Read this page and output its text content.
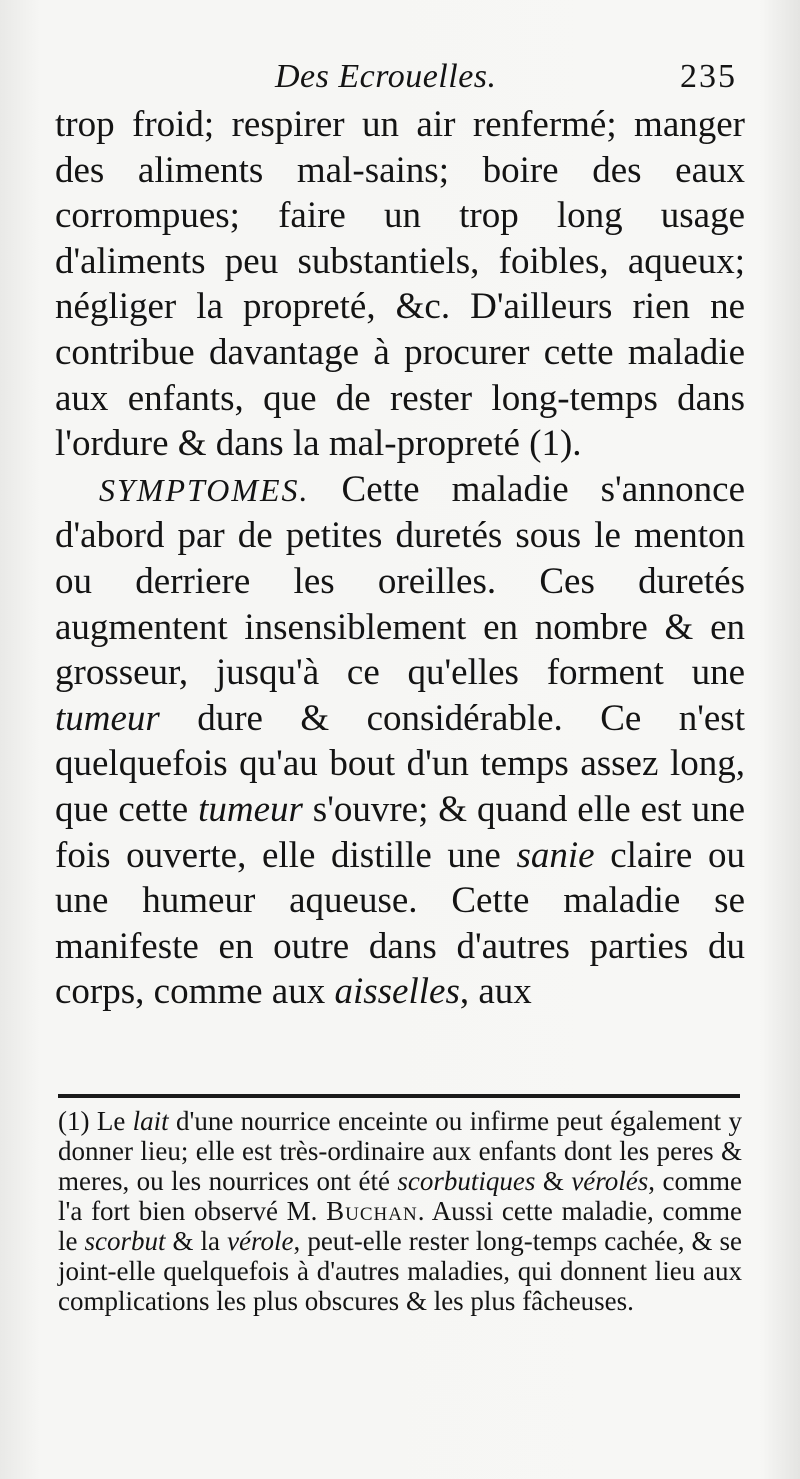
Des Ecrouelles.	235

trop froid; respirer un air renfermé; manger des aliments mal-sains; boire des eaux corrompues; faire un trop long usage d'aliments peu substantiels, foibles, aqueux; négliger la propreté, &c. D'ailleurs rien ne contribue davantage à procurer cette maladie aux enfants, que de rester long-temps dans l'ordure & dans la mal-propreté (1).

SYMPTOMES. Cette maladie s'annonce d'abord par de petites duretés sous le menton ou derriere les oreilles. Ces duretés augmentent insensiblement en nombre & en grosseur, jusqu'à ce qu'elles forment une tumeur dure & considérable. Ce n'est quelquefois qu'au bout d'un temps assez long, que cette tumeur s'ouvre; & quand elle est une fois ouverte, elle distille une sanie claire ou une humeur aqueuse. Cette maladie se manifeste en outre dans d'autres parties du corps, comme aux aisselles, aux

(1) Le lait d'une nourrice enceinte ou infirme peut également y donner lieu; elle est très-ordinaire aux enfants dont les peres & meres, ou les nourrices ont été scorbutiques & vérolés, comme l'a fort bien observé M. Buchan. Aussi cette maladie, comme le scorbut & la vérole, peut-elle rester long-temps cachée, & se joint-elle quelquefois à d'autres maladies, qui donnent lieu aux complications les plus obscures & les plus fâcheuses.
